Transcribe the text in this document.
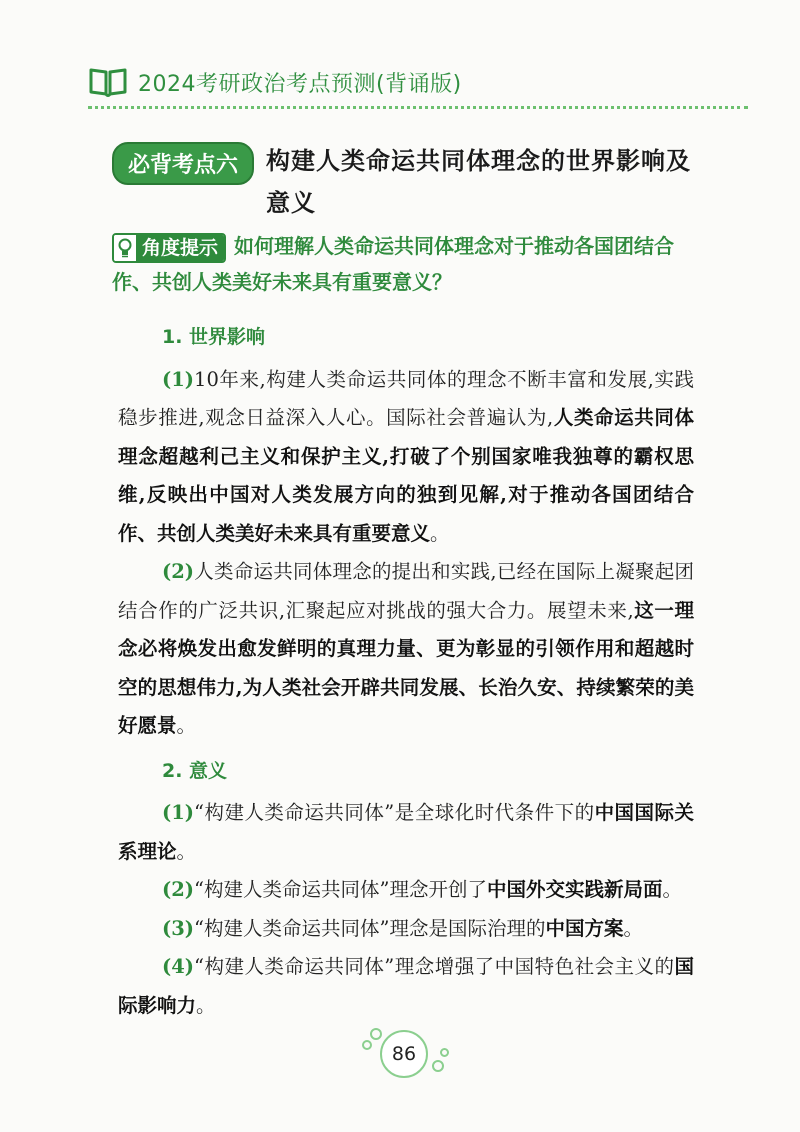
2024考研政治考点预测(背诵版)
必背考点六	构建人类命运共同体理念的世界影响及
意义
角度提示 如何理解人类命运共同体理念对于推动各国团结合作、共创人类美好未来具有重要意义？
1. 世界影响

(1)10年来,构建人类命运共同体的理念不断丰富和发展,实践稳步推进,观念日益深入人心。国际社会普遍认为,人类命运共同体理念超越利己主义和保护主义,打破了个别国家唯我独尊的霸权思维,反映出中国对人类发展方向的独到见解,对于推动各国团结合作、共创人类美好未来具有重要意义。

(2)人类命运共同体理念的提出和实践,已经在国际上凝聚起团结合作的广泛共识,汇聚起应对挑战的强大合力。展望未来,这一理念必将焕发出愈发鲜明的真理力量、更为彰显的引领作用和超越时空的思想伟力,为人类社会开辟共同发展、长治久安、持续繁荣的美好愿景。

2. 意义

(1)“构建人类命运共同体”是全球化时代条件下的中国国际关系理论。

(2)“构建人类命运共同体”理念开创了中国外交实践新局面。

(3)“构建人类命运共同体”理念是国际治理的中国方案。

(4)“构建人类命运共同体”理念增强了中国特色社会主义的国际影响力。

86
